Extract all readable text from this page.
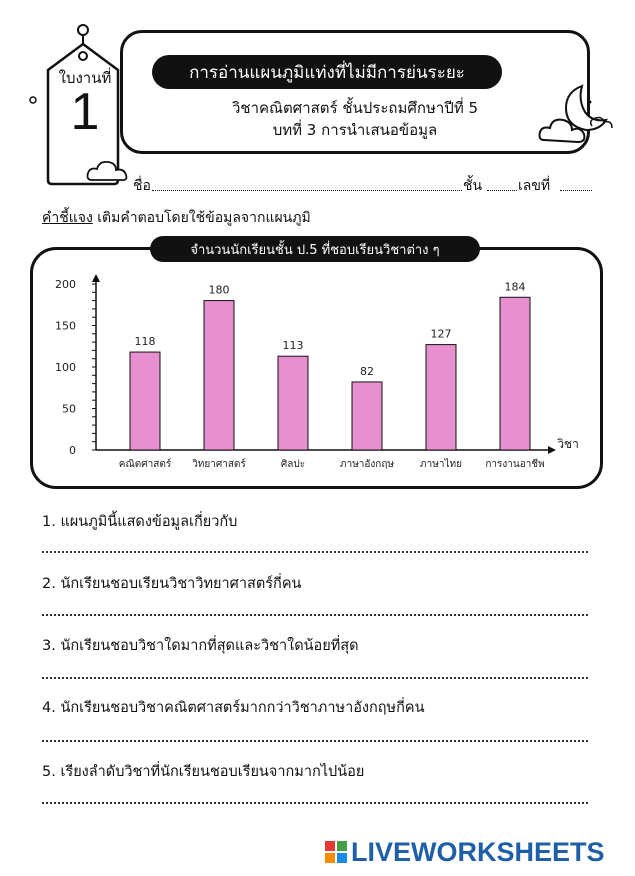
ใบงานที่
1
การอ่านแผนภูมิแท่งที่ไม่มีการย่นระยะ
วิชาคณิตศาสตร์ ชั้นประถมศึกษาปีที่ 5
บทที่ 3 การนำเสนอข้อมูล
ชื่อ	ชั้น	เลขที่
คำชี้แจง เติมคำตอบโดยใช้ข้อมูลจากแผนภูมิ
จำนวนนักเรียนชั้น ป.5 ที่ชอบเรียนวิชาต่าง ๆ
0
50
100
150
200
118
คณิตศาสตร์
180
วิทยาศาสตร์
113
ศิลปะ
82
ภาษาอังกฤษ
127
ภาษาไทย
184
การงานอาชีพ
วิชา
1. แผนภูมินี้แสดงข้อมูลเกี่ยวกับ
2. นักเรียนชอบเรียนวิชาวิทยาศาสตร์กี่คน
3. นักเรียนชอบวิชาใดมากที่สุดและวิชาใดน้อยที่สุด
4. นักเรียนชอบวิชาคณิตศาสตร์มากกว่าวิชาภาษาอังกฤษกี่คน
5. เรียงลำดับวิชาที่นักเรียนชอบเรียนจากมากไปน้อย
LIVEWORKSHEETS
